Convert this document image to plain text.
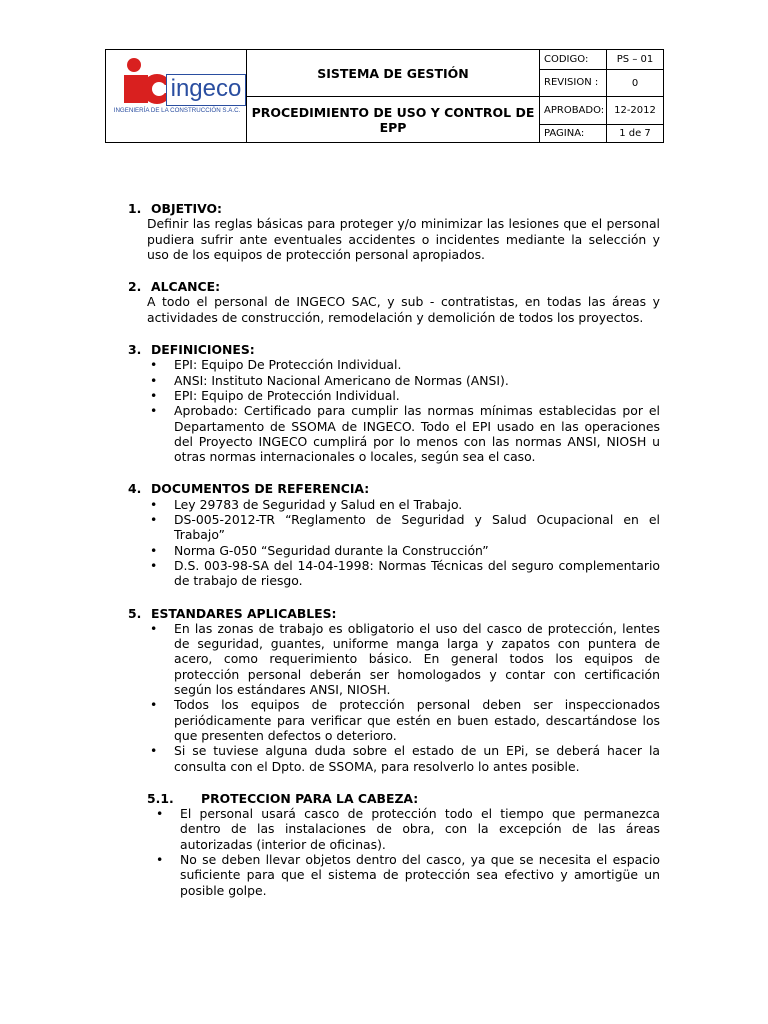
ingeco
INGENIERÍA DE LA CONSTRUCCIÓN S.A.C.	SISTEMA DE GESTIÓN	CODIGO:	PS – 01
		REVISION :	0
	PROCEDIMIENTO DE USO Y CONTROL DE EPP	APROBADO:	12-2012
		PAGINA:	1 de 7
1. OBJETIVO:
Definir las reglas básicas para proteger y/o minimizar las lesiones que el personal pudiera sufrir ante eventuales accidentes o incidentes mediante la selección y uso de los equipos de protección personal apropiados.
2. ALCANCE:
A todo el personal de INGECO SAC, y sub - contratistas, en todas las áreas y actividades de construcción, remodelación y demolición de todos los proyectos.
3. DEFINICIONES:
• EPI: Equipo De Protección Individual.
• ANSI: Instituto Nacional Americano de Normas (ANSI).
• EPI: Equipo de Protección Individual.
• Aprobado: Certificado para cumplir las normas mínimas establecidas por el Departamento de SSOMA de INGECO. Todo el EPI usado en las operaciones del Proyecto INGECO cumplirá por lo menos con las normas ANSI, NIOSH u otras normas internacionales o locales, según sea el caso.
4. DOCUMENTOS DE REFERENCIA:
• Ley 29783 de Seguridad y Salud en el Trabajo.
• DS-005-2012-TR “Reglamento de Seguridad y Salud Ocupacional en el Trabajo”
• Norma G-050 “Seguridad durante la Construcción”
• D.S. 003-98-SA del 14-04-1998: Normas Técnicas del seguro complementario de trabajo de riesgo.
5. ESTANDARES APLICABLES:
• En las zonas de trabajo es obligatorio el uso del casco de protección, lentes de seguridad, guantes, uniforme manga larga y zapatos con puntera de acero, como requerimiento básico. En general todos los equipos de protección personal deberán ser homologados y contar con certificación según los estándares ANSI, NIOSH.
• Todos los equipos de protección personal deben ser inspeccionados periódicamente para verificar que estén en buen estado, descartándose los que presenten defectos o deterioro.
• Si se tuviese alguna duda sobre el estado de un EPi, se deberá hacer la consulta con el Dpto. de SSOMA, para resolverlo lo antes posible.
5.1.	PROTECCION PARA LA CABEZA:
• El personal usará casco de protección todo el tiempo que permanezca dentro de las instalaciones de obra, con la excepción de las áreas autorizadas (interior de oficinas).
• No se deben llevar objetos dentro del casco, ya que se necesita el espacio suficiente para que el sistema de protección sea efectivo y amortigüe un posible golpe.
